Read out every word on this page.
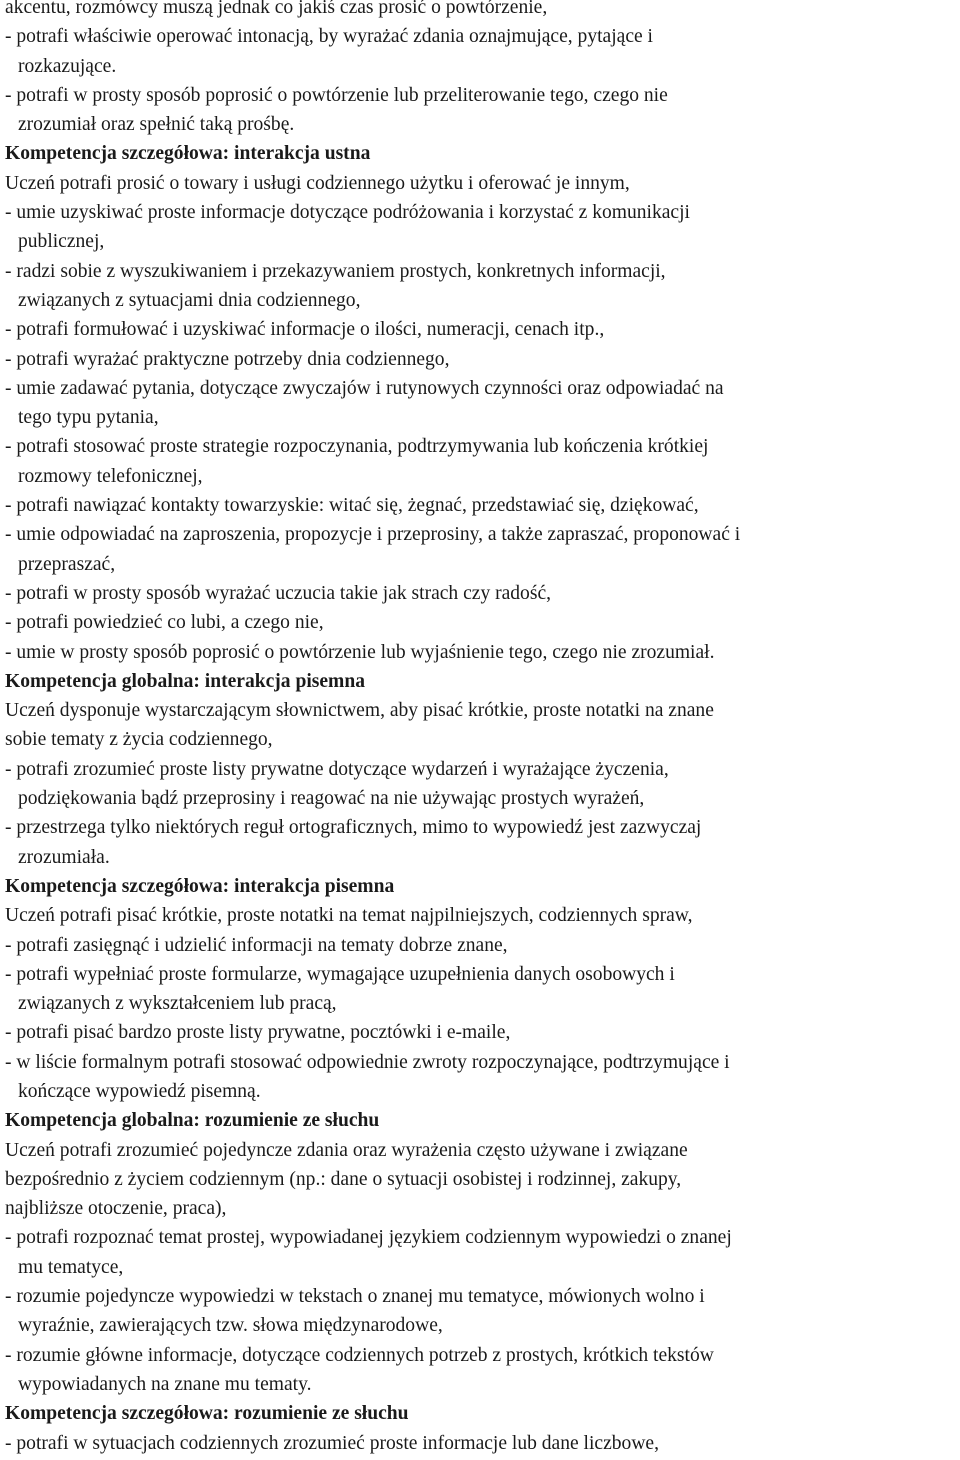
akcentu, rozmówcy muszą jednak co jakiś czas prosić o powtórzenie,
- potrafi właściwie operować intonacją, by wyrażać zdania oznajmujące, pytające i
rozkazujące.
- potrafi w prosty sposób poprosić o powtórzenie lub przeliterowanie tego, czego nie
zrozumiał oraz spełnić taką prośbę.
Kompetencja szczegółowa: interakcja ustna
Uczeń potrafi prosić o towary i usługi codziennego użytku i oferować je innym,
- umie uzyskiwać proste informacje dotyczące podróżowania i korzystać z komunikacji
publicznej,
- radzi sobie z wyszukiwaniem i przekazywaniem prostych, konkretnych informacji,
związanych z sytuacjami dnia codziennego,
- potrafi formułować i uzyskiwać informacje o ilości, numeracji, cenach itp.,
- potrafi wyrażać praktyczne potrzeby dnia codziennego,
- umie zadawać pytania, dotyczące zwyczajów i rutynowych czynności oraz odpowiadać na
tego typu pytania,
- potrafi stosować proste strategie rozpoczynania, podtrzymywania lub kończenia krótkiej
rozmowy telefonicznej,
- potrafi nawiązać kontakty towarzyskie: witać się, żegnać, przedstawiać się, dziękować,
- umie odpowiadać na zaproszenia, propozycje i przeprosiny, a także zapraszać, proponować i
przepraszać,
- potrafi w prosty sposób wyrażać uczucia takie jak strach czy radość,
- potrafi powiedzieć co lubi, a czego nie,
- umie w prosty sposób poprosić o powtórzenie lub wyjaśnienie tego, czego nie zrozumiał.
Kompetencja globalna: interakcja pisemna
Uczeń dysponuje wystarczającym słownictwem, aby pisać krótkie, proste notatki na znane
sobie tematy z życia codziennego,
- potrafi zrozumieć proste listy prywatne dotyczące wydarzeń i wyrażające życzenia,
podziękowania bądź przeprosiny i reagować na nie używając prostych wyrażeń,
- przestrzega tylko niektórych reguł ortograficznych, mimo to wypowiedź jest zazwyczaj
zrozumiała.
Kompetencja szczegółowa: interakcja pisemna
Uczeń potrafi pisać krótkie, proste notatki na temat najpilniejszych, codziennych spraw,
- potrafi zasięgnąć i udzielić informacji na tematy dobrze znane,
- potrafi wypełniać proste formularze, wymagające uzupełnienia danych osobowych i
związanych z wykształceniem lub pracą,
- potrafi pisać bardzo proste listy prywatne, pocztówki i e-maile,
- w liście formalnym potrafi stosować odpowiednie zwroty rozpoczynające, podtrzymujące i
kończące wypowiedź pisemną.
Kompetencja globalna: rozumienie ze słuchu
Uczeń potrafi zrozumieć pojedyncze zdania oraz wyrażenia często używane i związane
bezpośrednio z życiem codziennym (np.: dane o sytuacji osobistej i rodzinnej, zakupy,
najbliższe otoczenie, praca),
- potrafi rozpoznać temat prostej, wypowiadanej językiem codziennym wypowiedzi o znanej
mu tematyce,
- rozumie pojedyncze wypowiedzi w tekstach o znanej mu tematyce, mówionych wolno i
wyraźnie, zawierających tzw. słowa międzynarodowe,
- rozumie główne informacje, dotyczące codziennych potrzeb z prostych, krótkich tekstów
wypowiadanych na znane mu tematy.
Kompetencja szczegółowa: rozumienie ze słuchu
- potrafi w sytuacjach codziennych zrozumieć proste informacje lub dane liczbowe,
